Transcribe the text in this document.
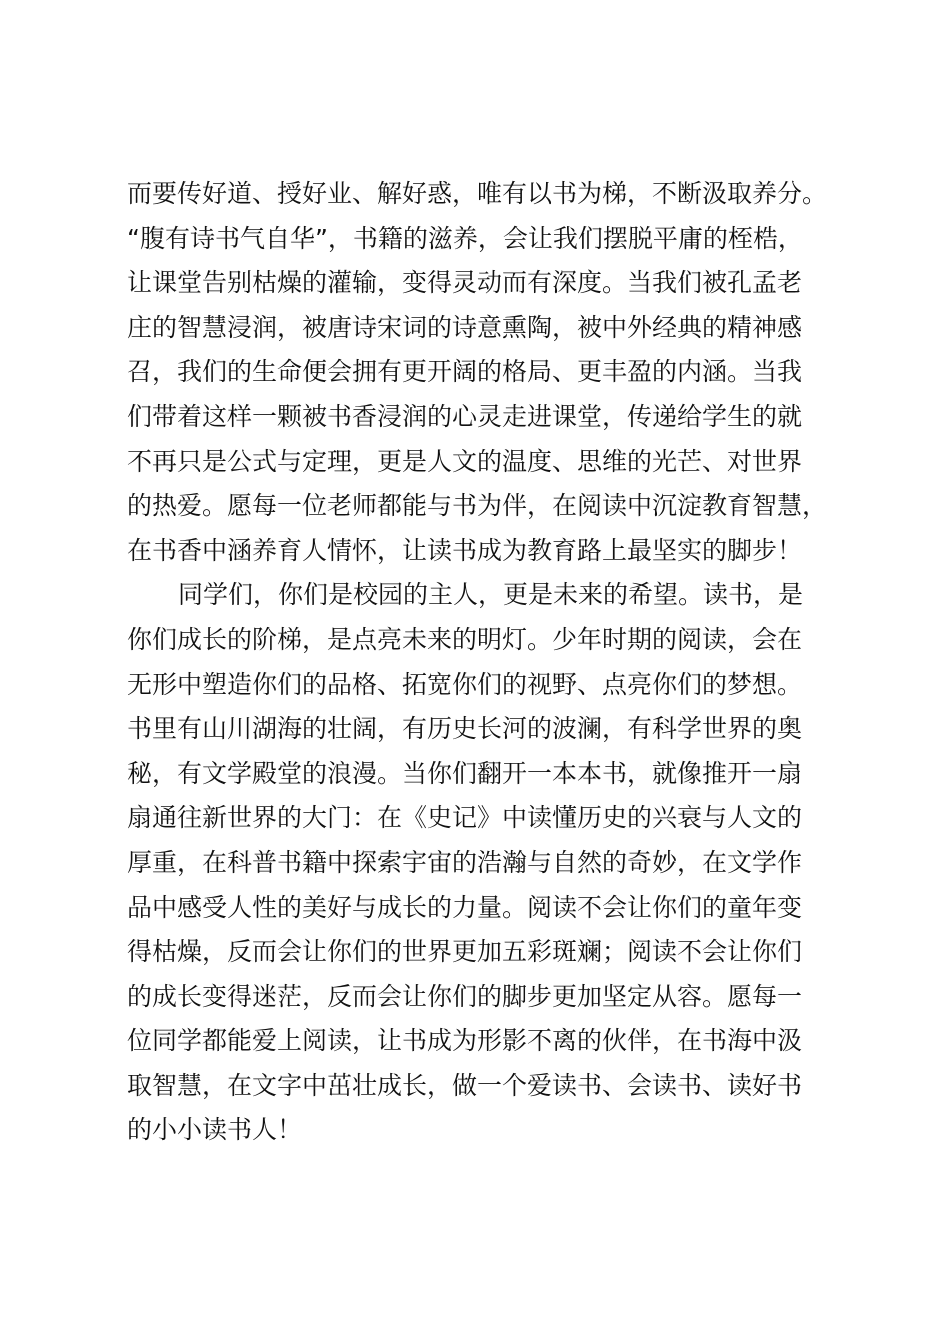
而要传好道、授好业、解好惑，唯有以书为梯，不断汲取养分。
“腹有诗书气自华”，书籍的滋养，会让我们摆脱平庸的桎梏，
让课堂告别枯燥的灌输，变得灵动而有深度。当我们被孔孟老
庄的智慧浸润，被唐诗宋词的诗意熏陶，被中外经典的精神感
召，我们的生命便会拥有更开阔的格局、更丰盈的内涵。当我
们带着这样一颗被书香浸润的心灵走进课堂，传递给学生的就
不再只是公式与定理，更是人文的温度、思维的光芒、对世界
的热爱。愿每一位老师都能与书为伴，在阅读中沉淀教育智慧，
在书香中涵养育人情怀，让读书成为教育路上最坚实的脚步！
同学们，你们是校园的主人，更是未来的希望。读书，是
你们成长的阶梯，是点亮未来的明灯。少年时期的阅读，会在
无形中塑造你们的品格、拓宽你们的视野、点亮你们的梦想。
书里有山川湖海的壮阔，有历史长河的波澜，有科学世界的奥
秘，有文学殿堂的浪漫。当你们翻开一本本书，就像推开一扇
扇通往新世界的大门：在《史记》中读懂历史的兴衰与人文的
厚重，在科普书籍中探索宇宙的浩瀚与自然的奇妙，在文学作
品中感受人性的美好与成长的力量。阅读不会让你们的童年变
得枯燥，反而会让你们的世界更加五彩斑斓；阅读不会让你们
的成长变得迷茫，反而会让你们的脚步更加坚定从容。愿每一
位同学都能爱上阅读，让书成为形影不离的伙伴，在书海中汲
取智慧，在文字中茁壮成长，做一个爱读书、会读书、读好书
的小小读书人！
